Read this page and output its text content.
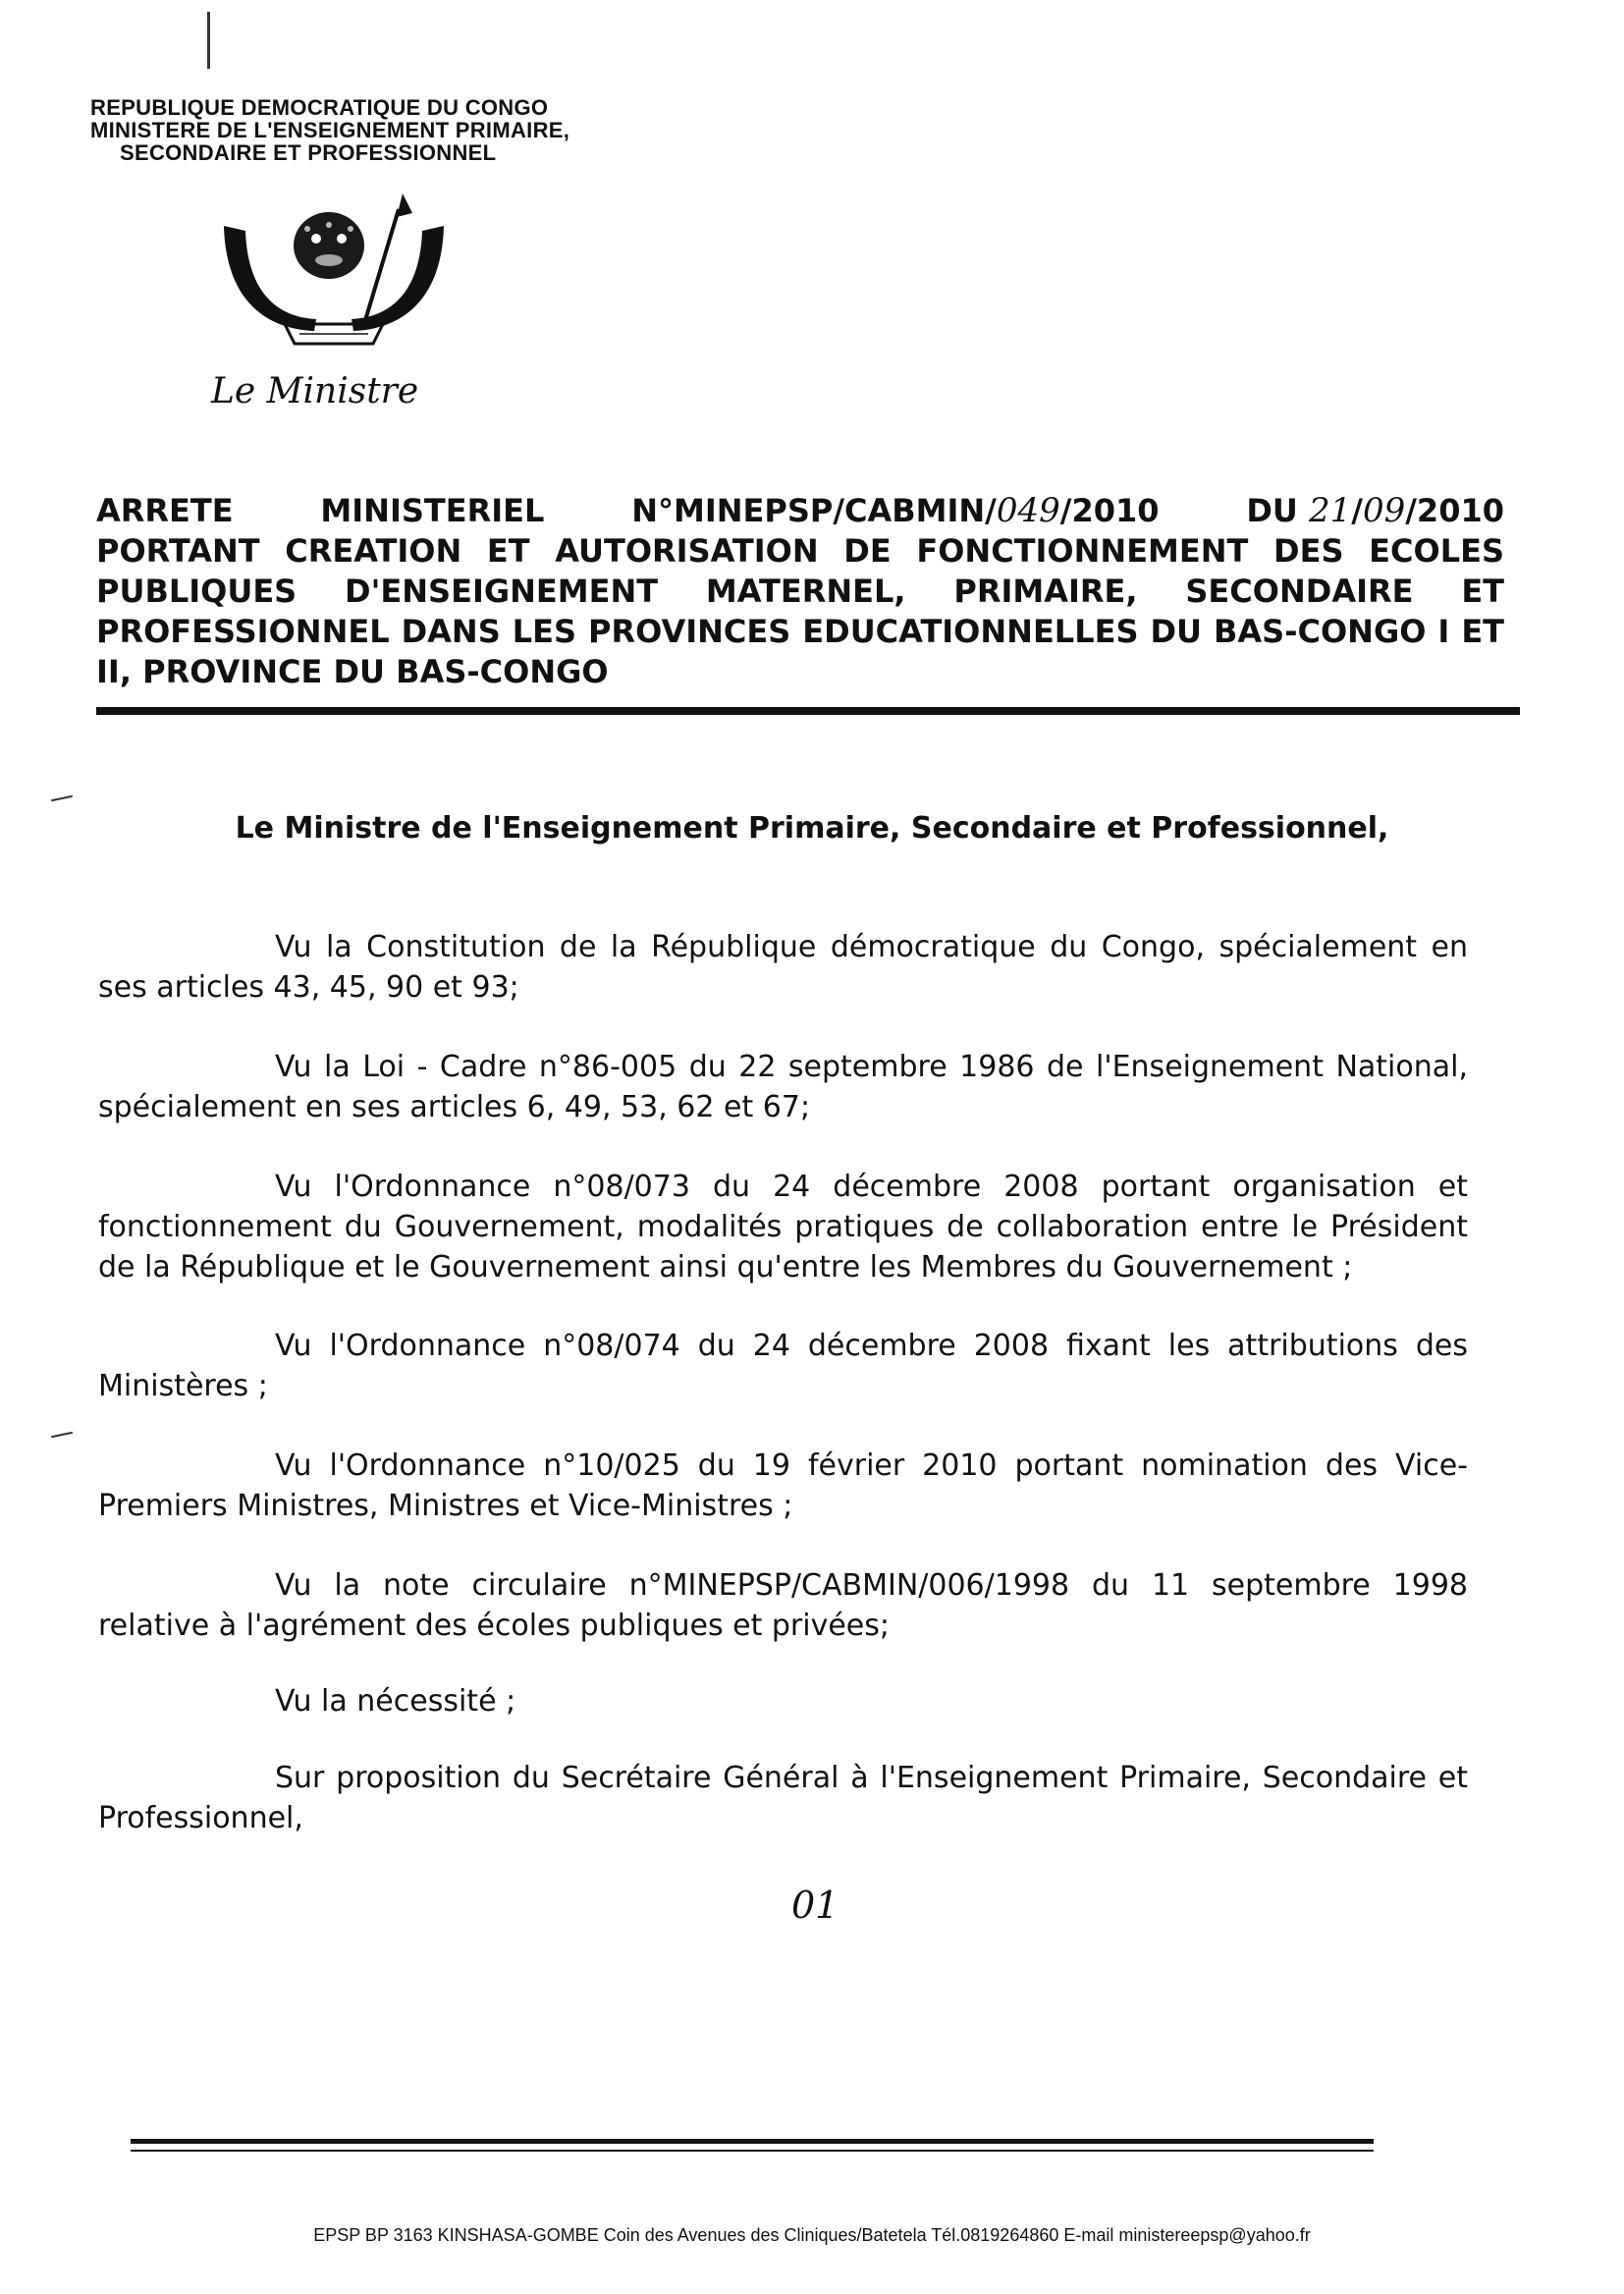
REPUBLIQUE DEMOCRATIQUE DU CONGO
MINISTERE DE L'ENSEIGNEMENT PRIMAIRE,
SECONDAIRE ET PROFESSIONNEL
Le Ministre
ARRETE	MINISTERIEL	N°MINEPSP/CABMIN/049/2010	DU 21/09/2010
PORTANT CREATION ET AUTORISATION DE FONCTIONNEMENT DES ECOLES PUBLIQUES D'ENSEIGNEMENT MATERNEL, PRIMAIRE, SECONDAIRE ET PROFESSIONNEL DANS LES PROVINCES EDUCATIONNELLES DU BAS-CONGO I ET II, PROVINCE DU BAS-CONGO
Le Ministre de l'Enseignement Primaire, Secondaire et Professionnel,
Vu la Constitution de la République démocratique du Congo, spécialement en ses articles 43, 45, 90 et 93;
Vu la Loi - Cadre n°86-005 du 22 septembre 1986 de l'Enseignement National, spécialement en ses articles 6, 49, 53, 62 et 67;
Vu l'Ordonnance n°08/073 du 24 décembre 2008 portant organisation et fonctionnement du Gouvernement, modalités pratiques de collaboration entre le Président de la République et le Gouvernement ainsi qu'entre les Membres du Gouvernement ;
Vu l'Ordonnance n°08/074 du 24 décembre 2008 fixant les attributions des Ministères ;
Vu l'Ordonnance n°10/025 du 19 février 2010 portant nomination des Vice-Premiers Ministres, Ministres et Vice-Ministres ;
Vu la note circulaire n°MINEPSP/CABMIN/006/1998 du 11 septembre 1998 relative à l'agrément des écoles publiques et privées;
Vu la nécessité ;
Sur proposition du Secrétaire Général à l'Enseignement Primaire, Secondaire et Professionnel,
01
EPSP BP 3163 KINSHASA-GOMBE Coin des Avenues des Cliniques/Batetela Tél.0819264860 E-mail ministereepsp@yahoo.fr
